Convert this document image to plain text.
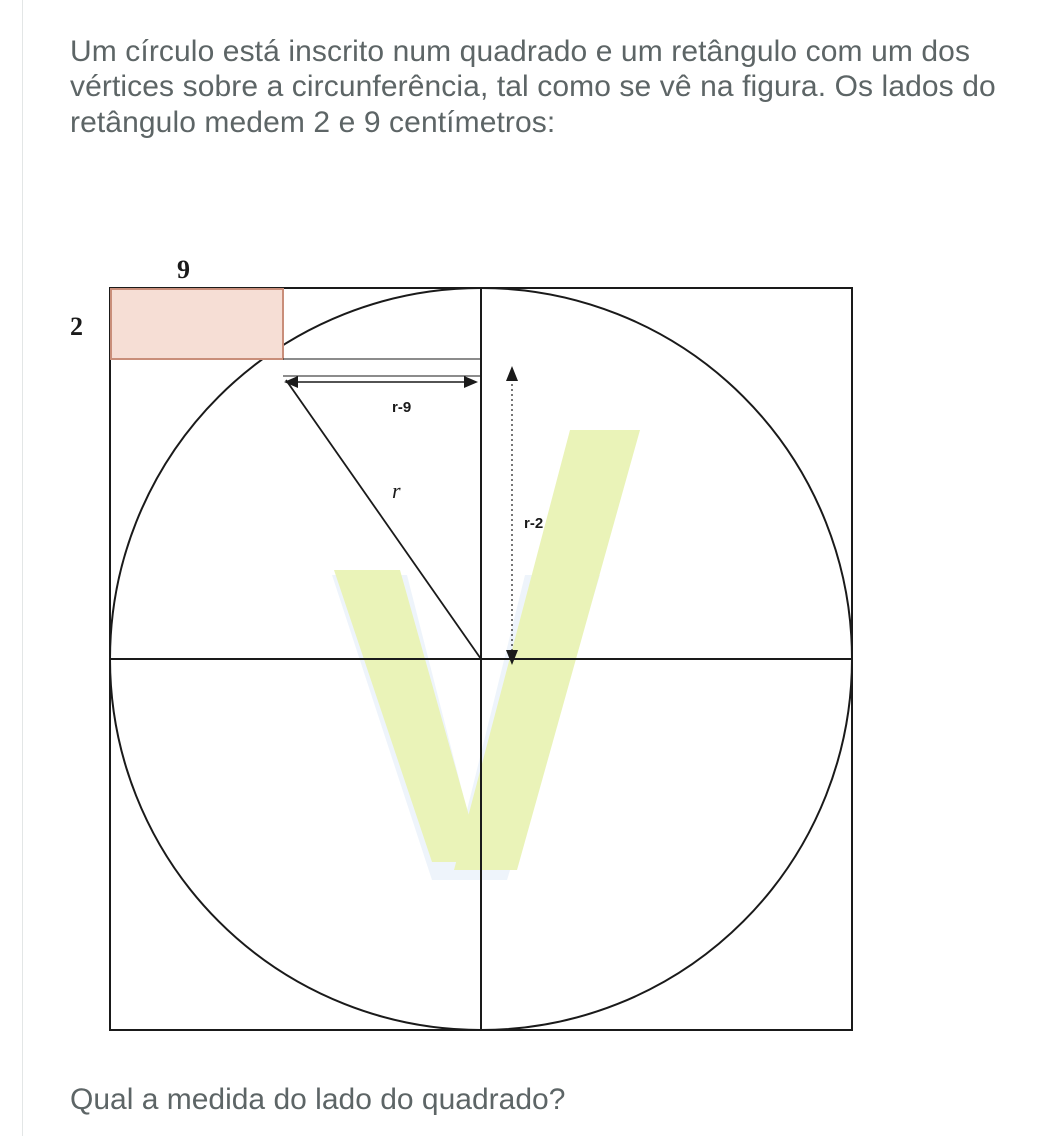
Um círculo está inscrito num quadrado e um retângulo com um dos vértices sobre a circunferência, tal como se vê na figura. Os lados do retângulo medem 2 e 9 centímetros:
r-9
r-2
r
9
2
Qual a medida do lado do quadrado?
